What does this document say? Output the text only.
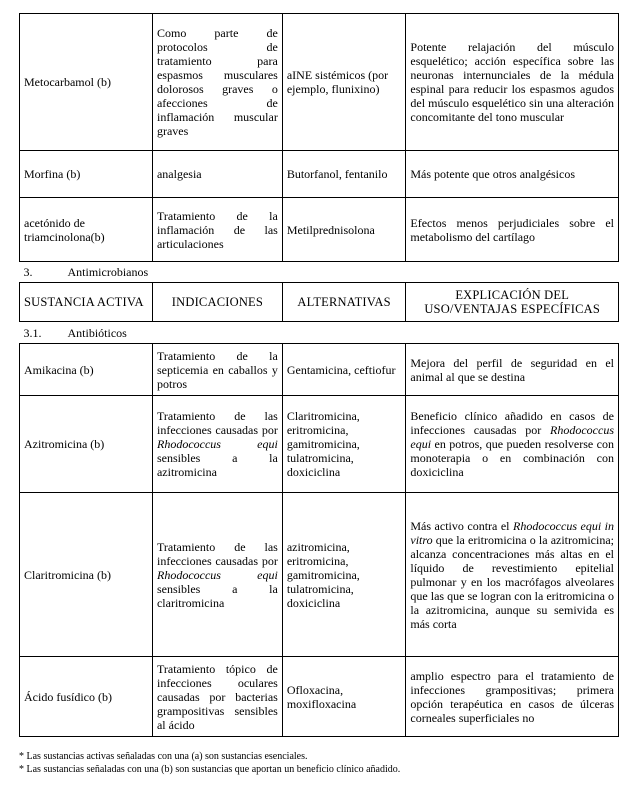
Metocarbamol (b)	Como parte de protocolos de tratamiento para espasmos musculares dolorosos graves o afecciones de inflamación muscular graves	aINE sistémicos (por ejemplo, flunixino)	Potente relajación del músculo esquelético; acción específica sobre las neuronas internunciales de la médula espinal para reducir los espasmos agudos del músculo esquelético sin una alteración concomitante del tono muscular
Morfina (b)	analgesia	Butorfanol, fentanilo	Más potente que otros analgésicos
acetónido de triamcinolona(b)	Tratamiento de la inflamación de las articulaciones	Metilprednisolona	Efectos menos perjudiciales sobre el metabolismo del cartílago
3. Antimicrobianos			
SUSTANCIA ACTIVA	INDICACIONES	ALTERNATIVAS	EXPLICACIÓN DEL
USO/VENTAJAS ESPECÍFICAS

3.1. Antibióticos			
Amikacina (b)	Tratamiento de la septicemia en caballos y potros	Gentamicina, ceftiofur	Mejora del perfil de seguridad en el animal al que se destina
Azitromicina (b)	Tratamiento de las infecciones causadas por Rhodococcus equi sensibles a la azitromicina	Claritromicina, eritromicina, gamitromicina, tulatromicina, doxiciclina	Beneficio clínico añadido en casos de infecciones causadas por Rhodococcus equi en potros, que pueden resolverse con monoterapia o en combinación con doxiciclina
Claritromicina (b)	Tratamiento de las infecciones causadas por Rhodococcus equi sensibles a la claritromicina	azitromicina, eritromicina, gamitromicina, tulatromicina, doxiciclina	Más activo contra el Rhodococcus equi in vitro que la eritromicina o la azitromicina; alcanza concentraciones más altas en el líquido de revestimiento epitelial pulmonar y en los macrófagos alveolares que las que se logran con la eritromicina o la azitromicina, aunque su semivida es más corta
Ácido fusídico (b)	Tratamiento tópico de infecciones oculares causadas por bacterias grampositivas sensibles al ácido	Ofloxacina, moxifloxacina	amplio espectro para el tratamiento de infecciones grampositivas; primera opción terapéutica en casos de úlceras corneales superficiales no
* Las sustancias activas señaladas con una (a) son sustancias esenciales.
* Las sustancias señaladas con una (b) son sustancias que aportan un beneficio clínico añadido.
